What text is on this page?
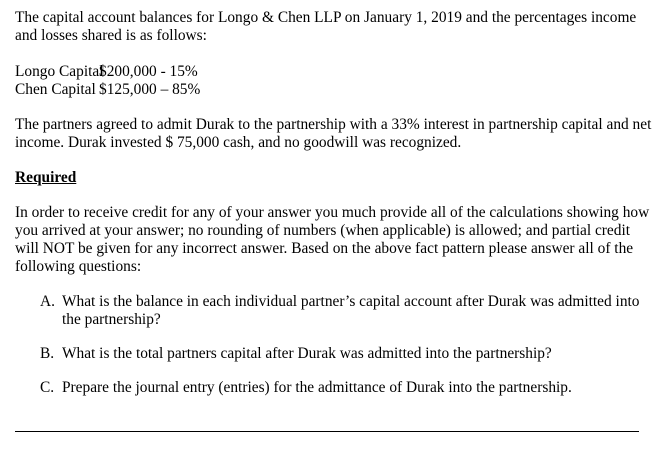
The capital account balances for Longo & Chen LLP on January 1, 2019 and the percentages income and losses shared is as follows:

Longo Capital$200,000 - 15%
Chen Capital $125,000 – 85%

The partners agreed to admit Durak to the partnership with a 33% interest in partnership capital and net income. Durak invested $ 75,000 cash, and no goodwill was recognized.

Required

In order to receive credit for any of your answer you much provide all of the calculations showing how you arrived at your answer; no rounding of numbers (when applicable) is allowed; and partial credit will NOT be given for any incorrect answer. Based on the above fact pattern please answer all of the following questions:

A. What is the balance in each individual partner’s capital account after Durak was admitted into the partnership?
B. What is the total partners capital after Durak was admitted into the partnership?
C. Prepare the journal entry (entries) for the admittance of Durak into the partnership.
